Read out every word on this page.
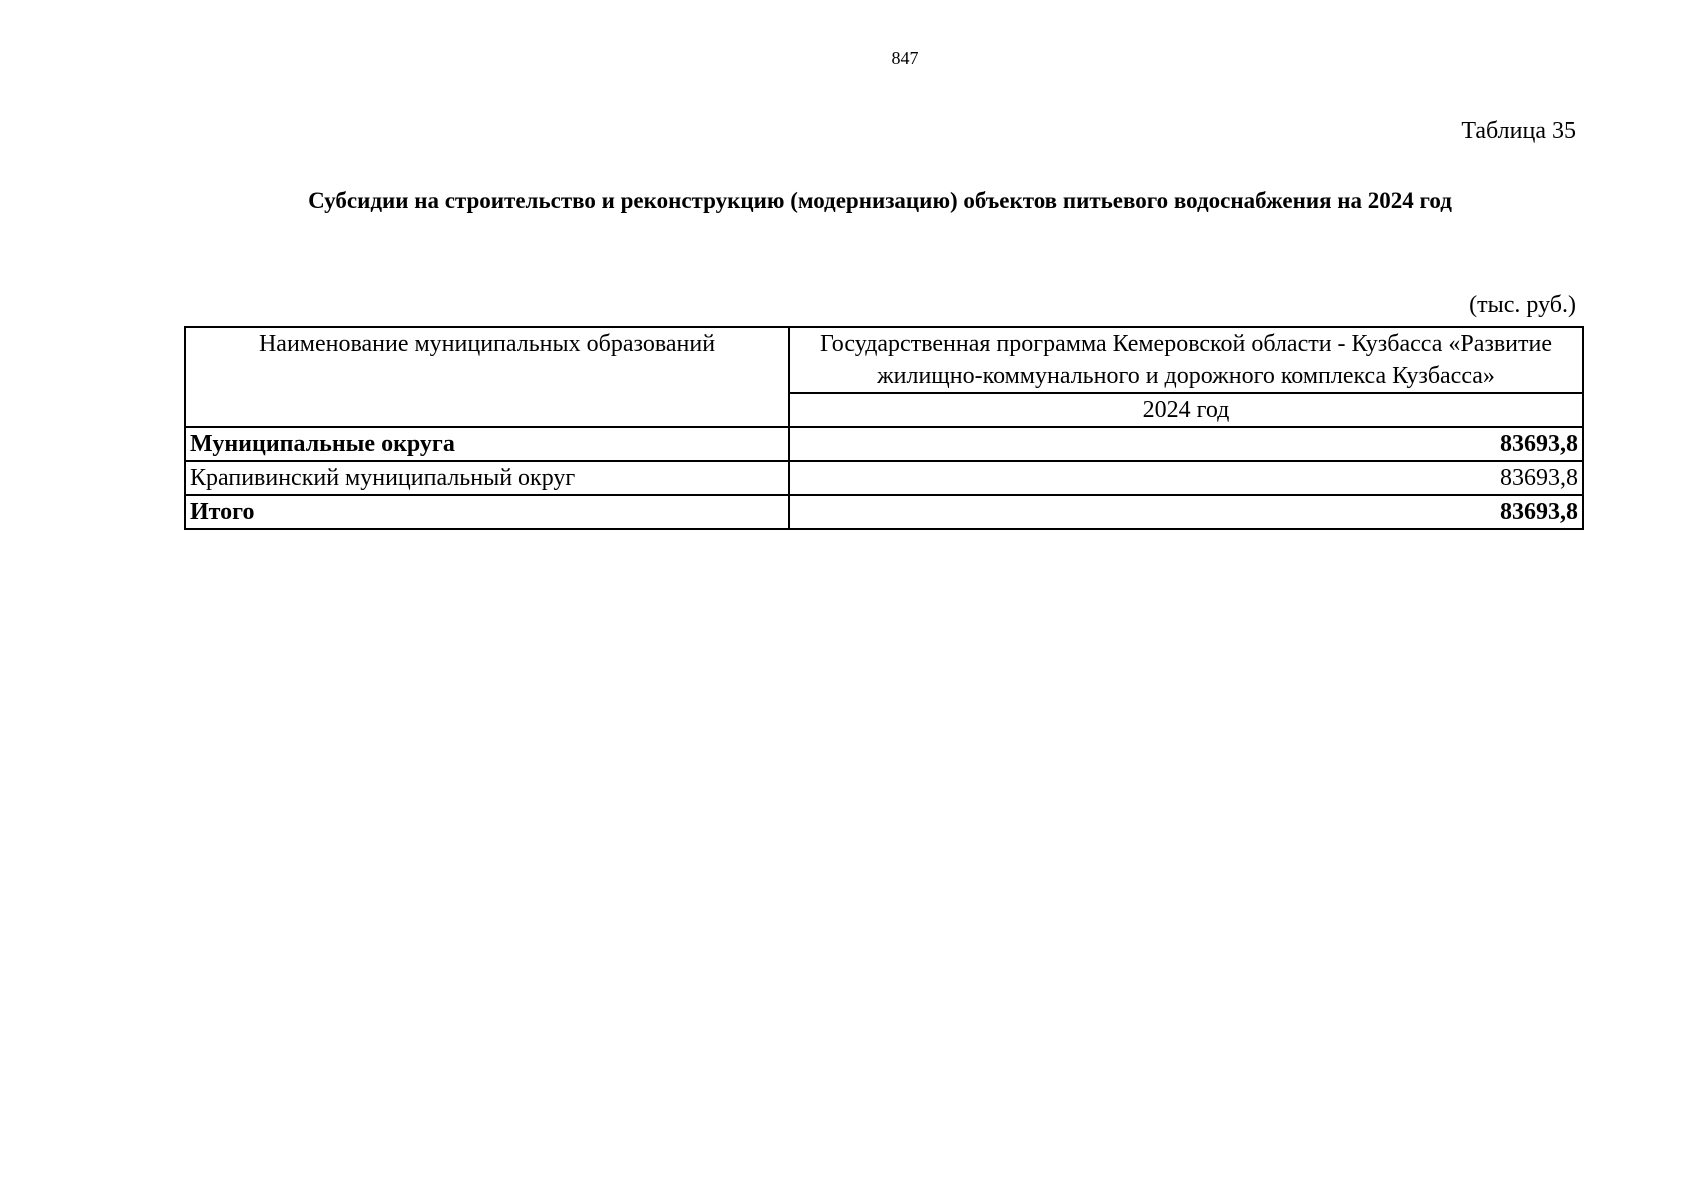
847
Таблица 35
Субсидии на строительство и реконструкцию (модернизацию) объектов питьевого водоснабжения на 2024 год
(тыс. руб.)
Наименование муниципальных образований	Государственная программа Кемеровской области - Кузбасса «Развитие жилищно-коммунального и дорожного комплекса Кузбасса»
	2024 год
Муниципальные округа	83693,8
Крапивинский муниципальный округ	83693,8
Итого	83693,8
